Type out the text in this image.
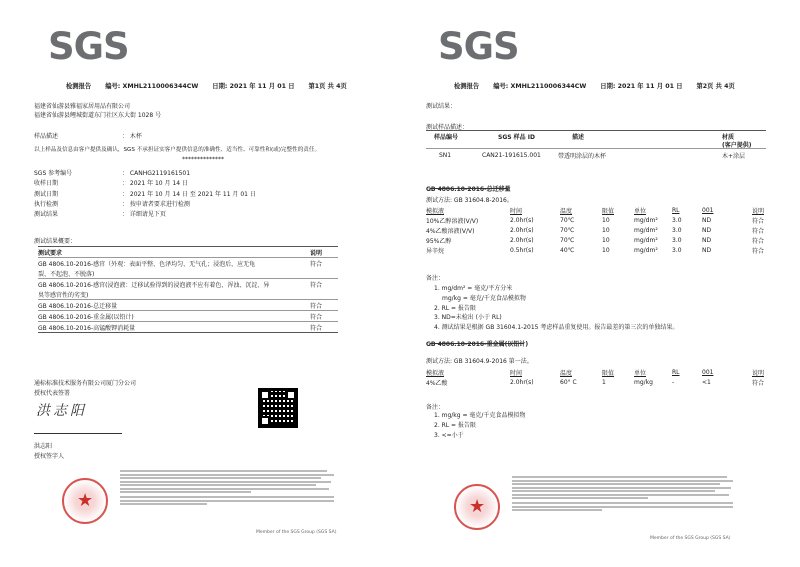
SGS
检测报告 编号: XMHL2110006344CW 日期: 2021 年 11 月 01 日 第1页 共 4页
福建省仙游县雅福家居用品有限公司
福建省仙游县鲤城街道东门社区东大街 1028 号
样品描述	： 木杯
以上样品及信息由客户提供及确认，SGS 不承担证实客户提供信息的准确性、适当性、可靠性和(或)完整性的责任。
**************
SGS 参考编号	： CANHG2119161501
收样日期	： 2021 年 10 月 14 日
测试日期	： 2021 年 10 月 14 日 至 2021 年 11 月 01 日
执行检测	： 按申请者要求进行检测
测试结果	： 详细请见下页
测试结果概要：
测试要求	说明
GB 4806.10-2016-感官（外观：表面平整、色泽均匀、无气孔；浸泡后，应无龟	符合
裂、不起泡、不脱落)
GB 4806.10-2016-感官(浸泡液：迁移试验得到的浸泡液不应有着色、浑浊、沉淀、异	符合
臭等感官性的劣变)
GB 4806.10-2016-总迁移量	符合
GB 4806.10-2016-重金属(以铅计)	符合
GB 4806.10-2016-高锰酸钾消耗量	符合
通标标准技术服务有限公司厦门分公司
授权代表签署
洪志阳
洪志阳
授权签字人
★
Member of the SGS Group (SGS SA)
SGS
检测报告 编号: XMHL2110006344CW 日期: 2021 年 11 月 01 日 第2页 共 4页
测试结果：
测试样品描述：
样品编号	SGS 样品 ID	描述	材质
(客户提供)
SN1	CAN21-191615.001	带透明涂层的木杯	木+涂层
GB 4806.10-2016-总迁移量
测试方法: GB 31604.8-2016。
模拟液	时间	温度	限值	单位	RL	001	说明
10%乙醇溶液(V/V)	2.0hr(s)	70℃	10	mg/dm²	3.0	ND	符合
4%乙酸溶液(V/V)	2.0hr(s)	70℃	10	mg/dm²	3.0	ND	符合
95%乙醇	2.0hr(s)	70℃	10	mg/dm²	3.0	ND	符合
异辛烷	0.5hr(s)	40℃	10	mg/dm²	3.0	ND	符合
备注：
1. mg/dm² = 毫克/平方分米
mg/kg = 毫克/千克食品模拟物
2. RL = 报告限
3. ND=未检出 (小于 RL)
4. 测试结果是根据 GB 31604.1-2015 考虑样品重复使用。报告最差的第三次的单独结果。
GB 4806.10-2016-重金属(以铅计)
测试方法: GB 31604.9-2016 第一法。
模拟液	时间	温度	限值	单位	RL	001	说明
4%乙酸	2.0hr(s)	60° C	1	mg/kg	-	<1	符合
备注：
1. mg/kg = 毫克/千克食品模拟物
2. RL = 报告限
3. <=小于
★
Member of the SGS Group (SGS SA)
